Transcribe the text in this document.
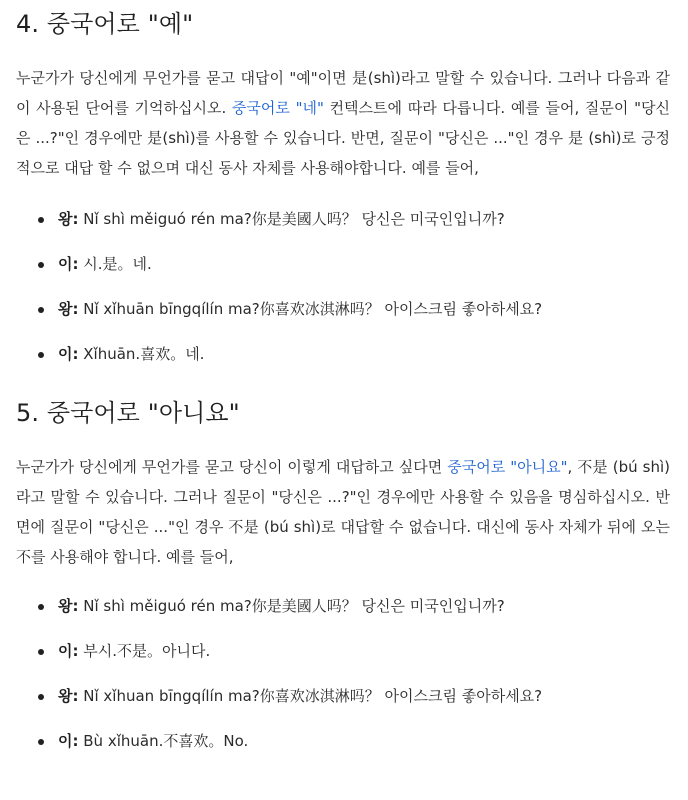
4. 중국어로 "예"

누군가가 당신에게 무언가를 묻고 대답이 "예"이면 是(shì)라고 말할 수 있습니다. 그러나 다음과 같이 사용된 단어를 기억하십시오. 중국어로 "네" 컨텍스트에 따라 다릅니다. 예를 들어, 질문이 "당신은 ...?"인 경우에만 是(shì)를 사용할 수 있습니다. 반면, 질문이 "당신은 ..."인 경우 是 (shì)로 긍정적으로 대답 할 수 없으며 대신 동사 자체를 사용해야합니다. 예를 들어,

왕: Nǐ shì měiguó rén ma?你是美國人吗？ 당신은 미국인입니까?
이: 시.是。네.
왕: Nǐ xǐhuān bīngqílín ma?你喜欢冰淇淋吗？ 아이스크림 좋아하세요?
이: Xǐhuān.喜欢。네.
5. 중국어로 "아니요"

누군가가 당신에게 무언가를 묻고 당신이 이렇게 대답하고 싶다면 중국어로 "아니요", 不是 (bú shì)라고 말할 수 있습니다. 그러나 질문이 "당신은 ...?"인 경우에만 사용할 수 있음을 명심하십시오. 반면에 질문이 "당신은 ..."인 경우 不是 (bú shì)로 대답할 수 없습니다. 대신에 동사 자체가 뒤에 오는 不를 사용해야 합니다. 예를 들어,

왕: Nǐ shì měiguó rén ma?你是美國人吗？ 당신은 미국인입니까?
이: 부시.不是。아니다.
왕: Nǐ xǐhuan bīngqílín ma?你喜欢冰淇淋吗？ 아이스크림 좋아하세요?
이: Bù xǐhuān.不喜欢。No.
